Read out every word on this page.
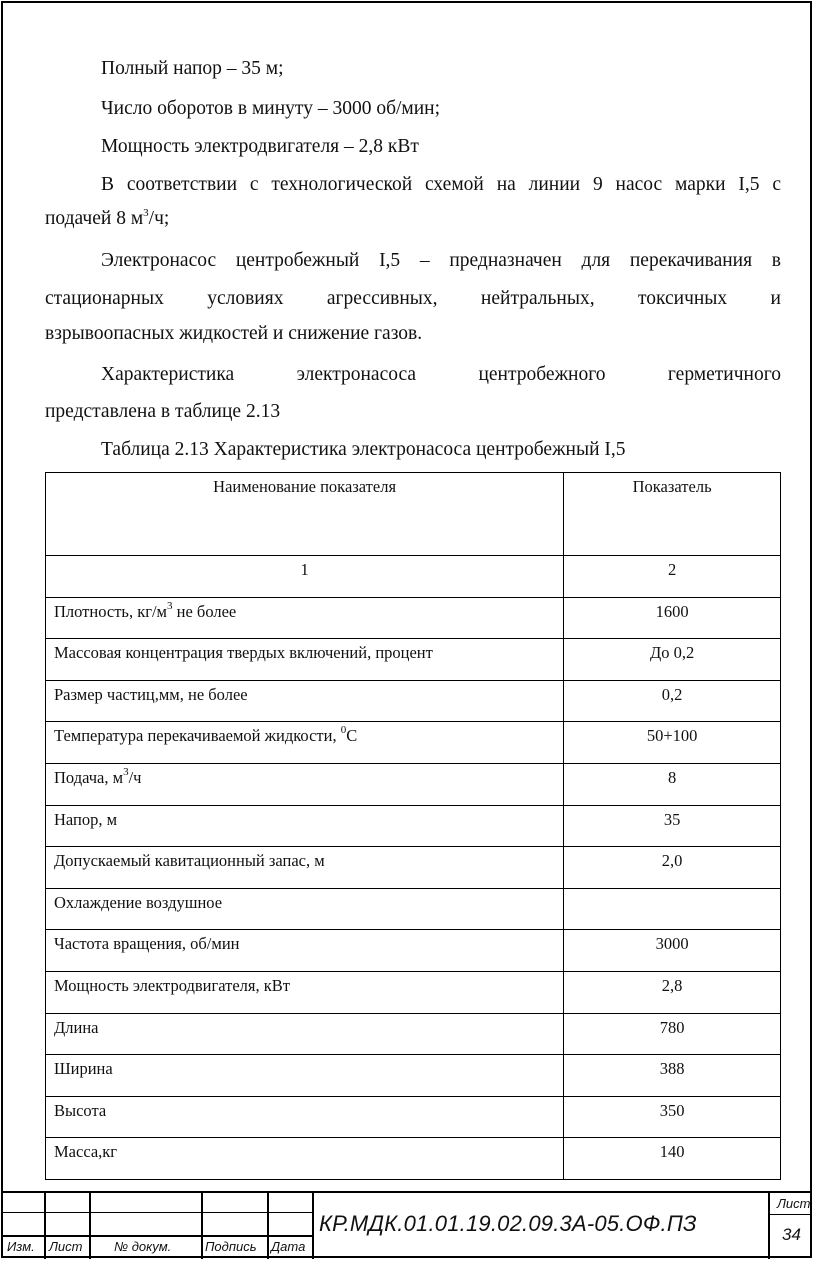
Полный напор – 35 м;
Число оборотов в минуту – 3000 об/мин;
Мощность электродвигателя – 2,8 кВт
В соответствии с технологической схемой на линии 9 насос марки I,5 с
подачей 8 $м^3/ч$;
Электронасос центробежный I,5 – предназначен для перекачивания в
стационарных условиях агрессивных, нейтральных, токсичных и
взрывоопасных жидкостей и снижение газов.
Характеристика электронасоса центробежного герметичного
представлена в таблице 2.13
Таблица 2.13 Характеристика электронасоса центробежный I,5
Наименование показателя	Показатель
1	2
Плотность, $кг/м^3$ не более	1600
Массовая концентрация твердых включений, процент	До 0,2
Размер частиц,мм, не более	0,2
Температура перекачиваемой жидкости, $^0$С	50+100
Подача, $м^3/ч$	8
Напор, м	35
Допускаемый кавитационный запас, м	2,0
Охлаждение воздушное	
Частота вращения, об/мин	3000
Мощность электродвигателя, кВт	2,8
Длина	780
Ширина	388
Высота	350
Масса,кг	140
Изм. Лист № докум.	Подпись Дата
КР.МДК.01.01.19.02.09.3А-05.ОФ.ПЗ
Лист
34
